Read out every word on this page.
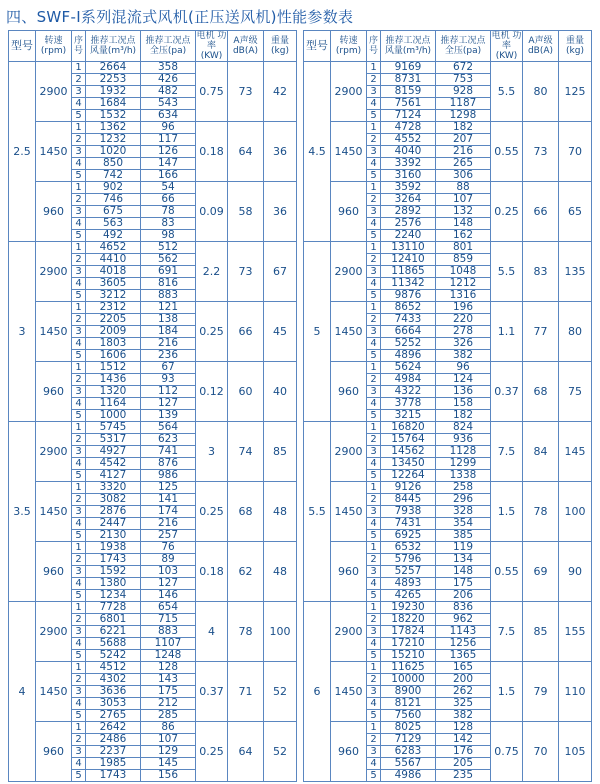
四、SWF-Ⅰ系列混流式风机(正压送风机)性能参数表
型号	转速 (rpm)	序号	推荐工况点 风量(m³/h)	推荐工况点 全压(pa)	电机 功率 (KW)	A声级 dB(A)	重量 (kg)
2.5	2900	1	2664	358	0.75	73	42
		2	2253	426			
		3	1932	482			
		4	1684	543			
		5	1532	634			
	1450	1	1362	96	0.18	64	36
		2	1232	117			
		3	1020	126			
		4	850	147			
		5	742	166			
	960	1	902	54	0.09	58	36
		2	746	66			
		3	675	78			
		4	563	83			
		5	492	98			
3	2900	1	4652	512	2.2	73	67
		2	4410	562			
		3	4018	691			
		4	3605	816			
		5	3212	883			
	1450	1	2312	121	0.25	66	45
		2	2205	138			
		3	2009	184			
		4	1803	216			
		5	1606	236			
	960	1	1512	67	0.12	60	40
		2	1436	93			
		3	1320	112			
		4	1164	127			
		5	1000	139			
3.5	2900	1	5745	564	3	74	85
		2	5317	623			
		3	4927	741			
		4	4542	876			
		5	4127	986			
	1450	1	3320	125	0.25	68	48
		2	3082	141			
		3	2876	174			
		4	2447	216			
		5	2130	257			
	960	1	1938	76	0.18	62	48
		2	1743	89			
		3	1592	103			
		4	1380	127			
		5	1234	146			
4	2900	1	7728	654	4	78	100
		2	6801	715			
		3	6221	883			
		4	5688	1107			
		5	5242	1248			
	1450	1	4512	128	0.37	71	52
		2	4302	143			
		3	3636	175			
		4	3053	212			
		5	2765	285			
	960	1	2642	86	0.25	64	52
		2	2486	107			
		3	2237	129			
		4	1985	145			
		5	1743	156			
型号	转速 (rpm)	序号	推荐工况点 风量(m³/h)	推荐工况点 全压(pa)	电机 功率 (KW)	A声级 dB(A)	重量 (kg)
4.5	2900	1	9169	672	5.5	80	125
		2	8731	753			
		3	8159	928			
		4	7561	1187			
		5	7124	1298			
	1450	1	4728	182	0.55	73	70
		2	4552	207			
		3	4040	216			
		4	3392	265			
		5	3160	306			
	960	1	3592	88	0.25	66	65
		2	3264	107			
		3	2892	132			
		4	2576	148			
		5	2240	162			
5	2900	1	13110	801	5.5	83	135
		2	12410	859			
		3	11865	1048			
		4	11342	1212			
		5	9876	1316			
	1450	1	8652	196	1.1	77	80
		2	7433	220			
		3	6664	278			
		4	5252	326			
		5	4896	382			
	960	1	5624	96	0.37	68	75
		2	4984	124			
		3	4322	136			
		4	3778	158			
		5	3215	182			
5.5	2900	1	16820	824	7.5	84	145
		2	15764	936			
		3	14562	1128			
		4	13450	1299			
		5	12264	1338			
	1450	1	9126	258	1.5	78	100
		2	8445	296			
		3	7938	328			
		4	7431	354			
		5	6925	385			
	960	1	6532	119	0.55	69	90
		2	5796	134			
		3	5257	148			
		4	4893	175			
		5	4265	206			
6	2900	1	19230	836	7.5	85	155
		2	18220	962			
		3	17824	1143			
		4	17210	1256			
		5	15210	1365			
	1450	1	11625	165	1.5	79	110
		2	10000	200			
		3	8900	262			
		4	8121	325			
		5	7560	382			
	960	1	8025	128	0.75	70	105
		2	7129	142			
		3	6283	176			
		4	5567	205			
		5	4986	235			
